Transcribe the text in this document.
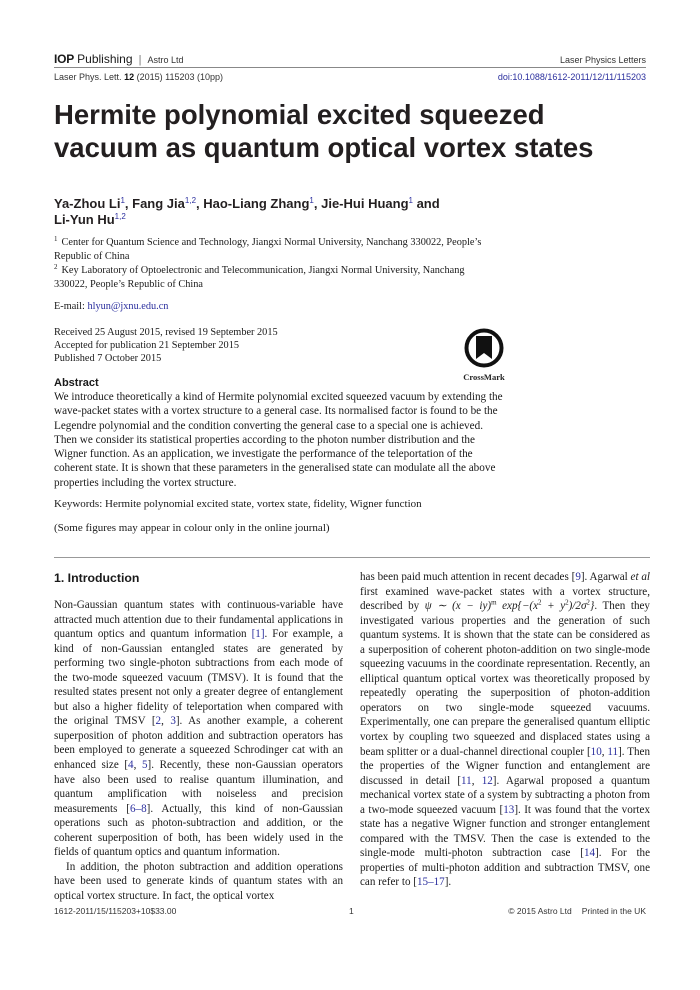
IOP Publishing | Astro Ltd	Laser Physics Letters
Laser Phys. Lett. 12 (2015) 115203 (10pp)	doi:10.1088/1612-2011/12/11/115203
Hermite polynomial excited squeezed vacuum as quantum optical vortex states
Ya-Zhou Li$^1$, Fang Jia$^{1,2}$, Hao-Liang Zhang$^1$, Jie-Hui Huang$^1$ and
Li-Yun Hu$^{1,2}$
$^1$ Center for Quantum Science and Technology, Jiangxi Normal University, Nanchang 330022, People’s Republic of China
$^2$ Key Laboratory of Optoelectronic and Telecommunication, Jiangxi Normal University, Nanchang 330022, People’s Republic of China
E-mail: hlyun@jxnu.edu.cn
Received 25 August 2015, revised 19 September 2015
Accepted for publication 21 September 2015
Published 7 October 2015
CrossMark
Abstract
We introduce theoretically a kind of Hermite polynomial excited squeezed vacuum by extending the wave-packet states with a vortex structure to a general case. Its normalised factor is found to be the Legendre polynomial and the condition converting the general case to a special one is achieved. Then we consider its statistical properties according to the photon number distribution and the Wigner function. As an application, we investigate the performance of the teleportation of the coherent state. It is shown that these parameters in the generalised state can modulate all the above properties including the vortex structure.
Keywords: Hermite polynomial excited state, vortex state, fidelity, Wigner function
(Some figures may appear in colour only in the online journal)
1. Introduction

Non-Gaussian quantum states with continuous-variable have attracted much attention due to their fundamental applications in quantum optics and quantum information [1]. For example, a kind of non-Gaussian entangled states are generated by performing two single-photon subtractions from each mode of the two-mode squeezed vacuum (TMSV). It is found that the resulted states present not only a greater degree of entanglement but also a higher fidelity of teleportation when compared with the original TMSV [2, 3]. As another example, a coherent superposition of photon addition and subtraction operators has been employed to generate a squeezed Schrodinger cat with an enhanced size [4, 5]. Recently, these non-Gaussian operators have also been used to realise quantum illumination, and quantum amplification with noiseless and precision measurements [6–8]. Actually, this kind of non-Gaussian operations such as photon-subtraction and addition, or the coherent superposition of both, has been widely used in the fields of quantum optics and quantum information.

In addition, the photon subtraction and addition operations have been used to generate kinds of quantum states with an optical vortex structure. In fact, the optical vortex

has been paid much attention in recent decades [9]. Agarwal et al first examined wave-packet states with a vortex structure, described by ψ ∼ (x − iy)$^m$ $\exp\{-(x^2 + y^2)/2\sigma^2\}$. Then they investigated various properties and the generation of such quantum systems. It is shown that the state can be considered as a superposition of coherent photon-addition on two single-mode squeezing vacuums in the coordinate representation. Recently, an elliptical quantum optical vortex was theoretically proposed by repeatedly operating the superposition of photon-addition operators on two single-mode squeezed vacuums. Experimentally, one can prepare the generalised quantum elliptic vortex by coupling two squeezed and displaced states using a beam splitter or a dual-channel directional coupler [10, 11]. Then the properties of the Wigner function and entanglement are discussed in detail [11, 12]. Agarwal proposed a quantum mechanical vortex state of a system by subtracting a photon from a two-mode squeezed vacuum [13]. It was found that the vortex state has a negative Wigner function and stronger entanglement compared with the TMSV. Then the case is extended to the single-mode multi-photon subtraction case [14]. For the properties of multi-photon addition and subtraction TMSV, one can refer to [15–17].

1612-2011/15/115203+10$33.00	1	© 2015 Astro Ltd Printed in the UK
